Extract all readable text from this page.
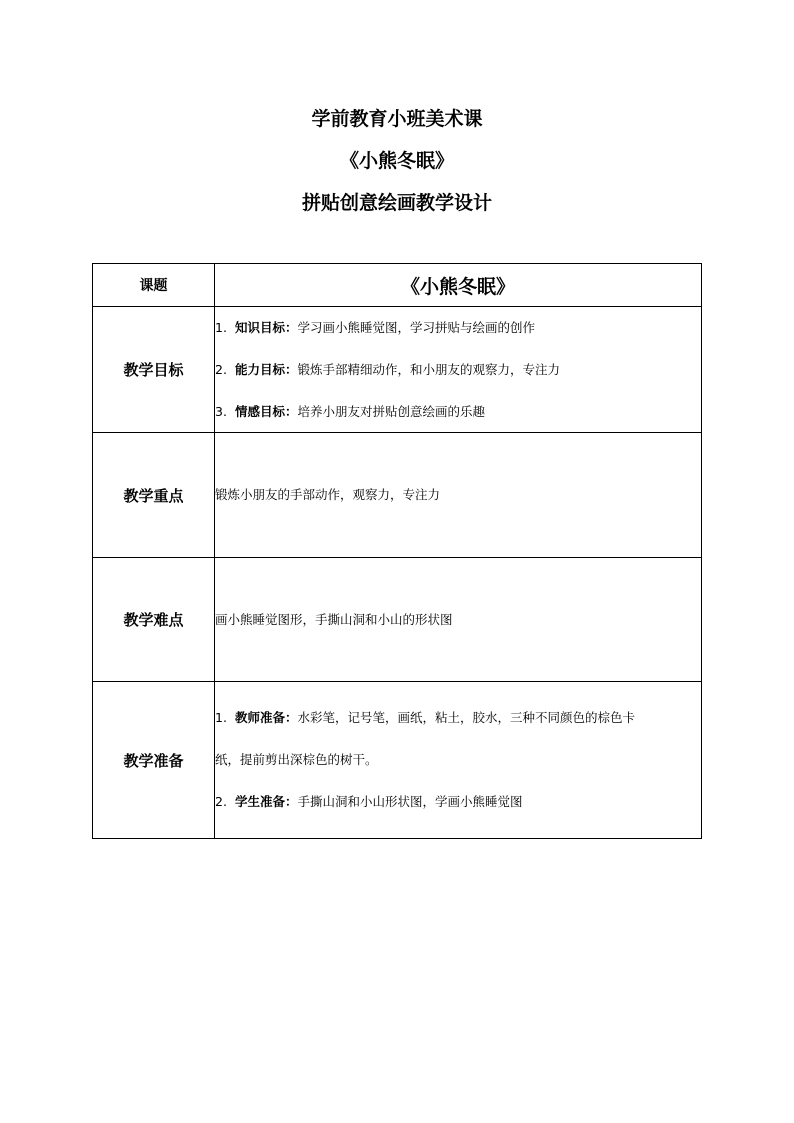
学前教育小班美术课
《小熊冬眠》
拼贴创意绘画教学设计
课题	《小熊冬眠》
教学目标	1. 知识目标：学习画小熊睡觉图，学习拼贴与绘画的创作
2. 能力目标：锻炼手部精细动作，和小朋友的观察力，专注力
3. 情感目标：培养小朋友对拼贴创意绘画的乐趣

教学重点	锻炼小朋友的手部动作，观察力，专注力

教学难点	画小熊睡觉图形，手撕山洞和小山的形状图

教学准备	1. 教师准备：水彩笔，记号笔，画纸，粘土，胶水，三种不同颜色的棕色卡
纸，提前剪出深棕色的树干。
2. 学生准备：手撕山洞和小山形状图，学画小熊睡觉图
